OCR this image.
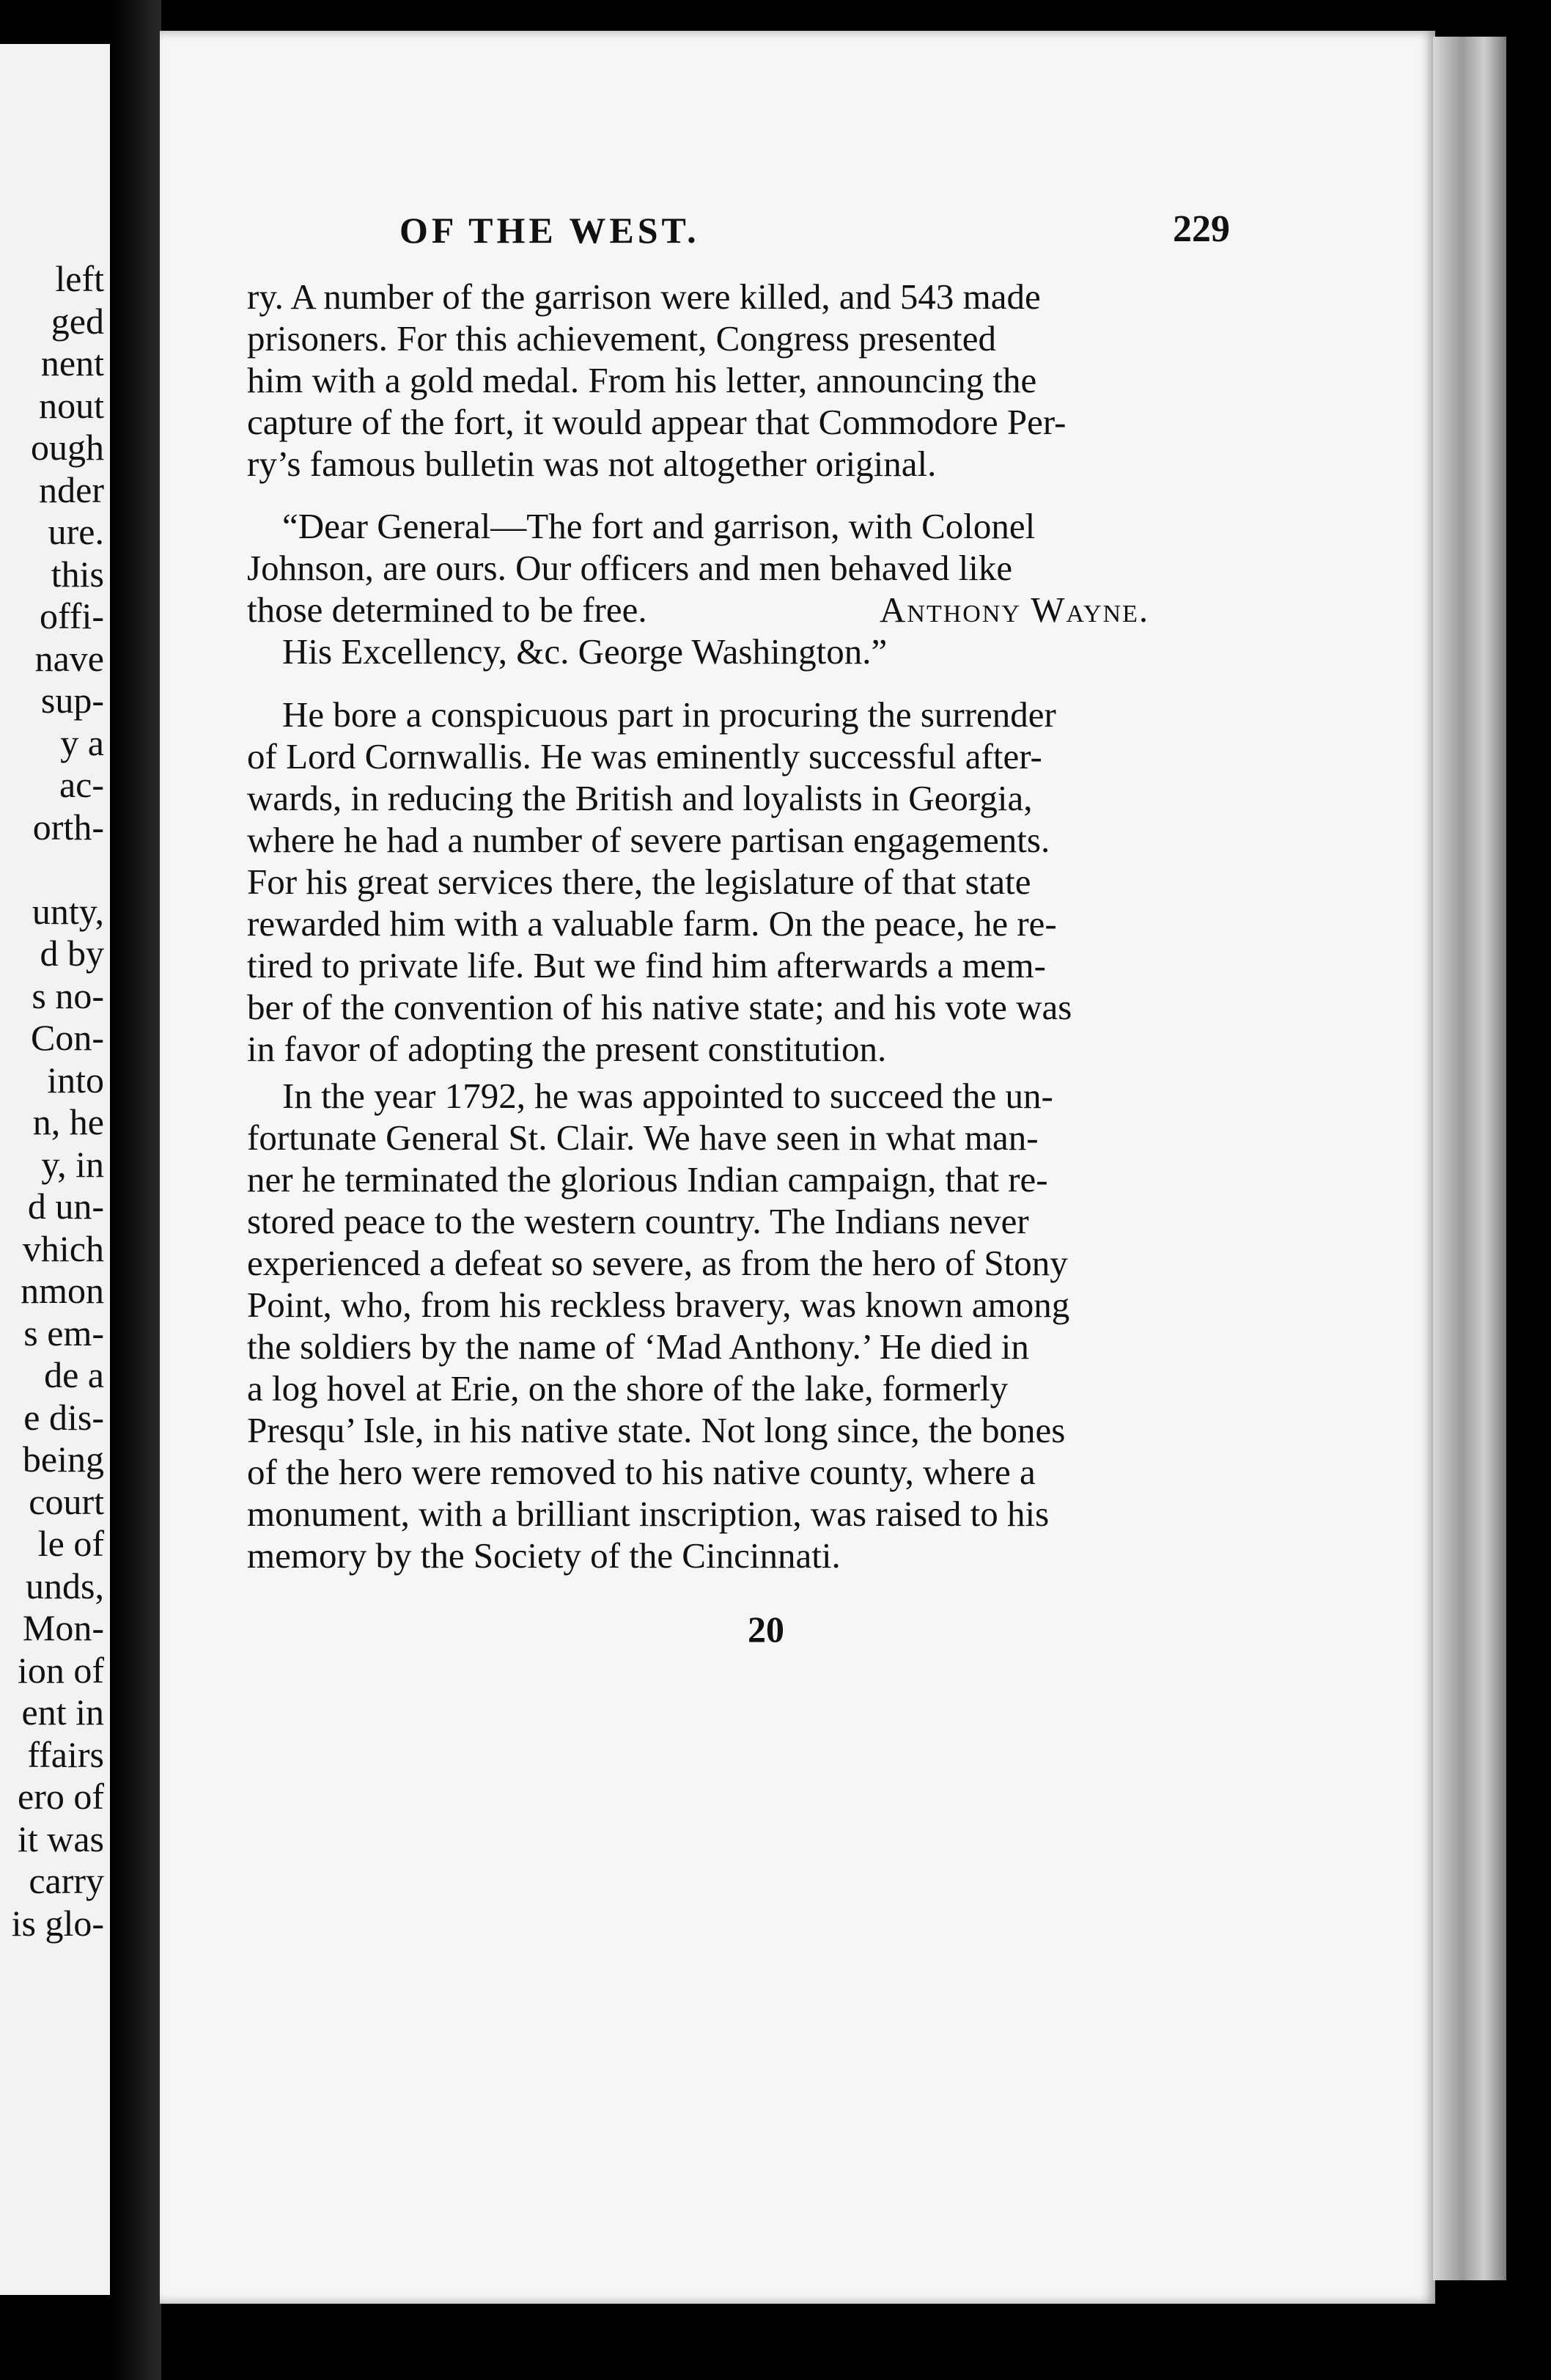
left
ged
nent
nout
ough
nder
ure.
this
offi-
nave
sup-
y a
ac-
orth-
unty,
d by
s no-
Con-
into
n, he
y, in
d un-
vhich
nmon
s em-
de a
e dis-
being
court
le of
unds,
Mon-
ion of
ent in
ffairs
ero of
it was
carry
is glo-
OF THE WEST.	229
ry. A number of the garrison were killed, and 543 made
prisoners. For this achievement, Congress presented
him with a gold medal. From his letter, announcing the
capture of the fort, it would appear that Commodore Per-
ry’s famous bulletin was not altogether original.
“Dear General—The fort and garrison, with Colonel
Johnson, are ours. Our officers and men behaved like
those determined to be free.	Anthony Wayne.
His Excellency, &c. George Washington.”
He bore a conspicuous part in procuring the surrender
of Lord Cornwallis. He was eminently successful after-
wards, in reducing the British and loyalists in Georgia,
where he had a number of severe partisan engagements.
For his great services there, the legislature of that state
rewarded him with a valuable farm. On the peace, he re-
tired to private life. But we find him afterwards a mem-
ber of the convention of his native state; and his vote was
in favor of adopting the present constitution.
In the year 1792, he was appointed to succeed the un-
fortunate General St. Clair. We have seen in what man-
ner he terminated the glorious Indian campaign, that re-
stored peace to the western country. The Indians never
experienced a defeat so severe, as from the hero of Stony
Point, who, from his reckless bravery, was known among
the soldiers by the name of ‘Mad Anthony.’ He died in
a log hovel at Erie, on the shore of the lake, formerly
Presqu’ Isle, in his native state. Not long since, the bones
of the hero were removed to his native county, where a
monument, with a brilliant inscription, was raised to his
memory by the Society of the Cincinnati.
20
